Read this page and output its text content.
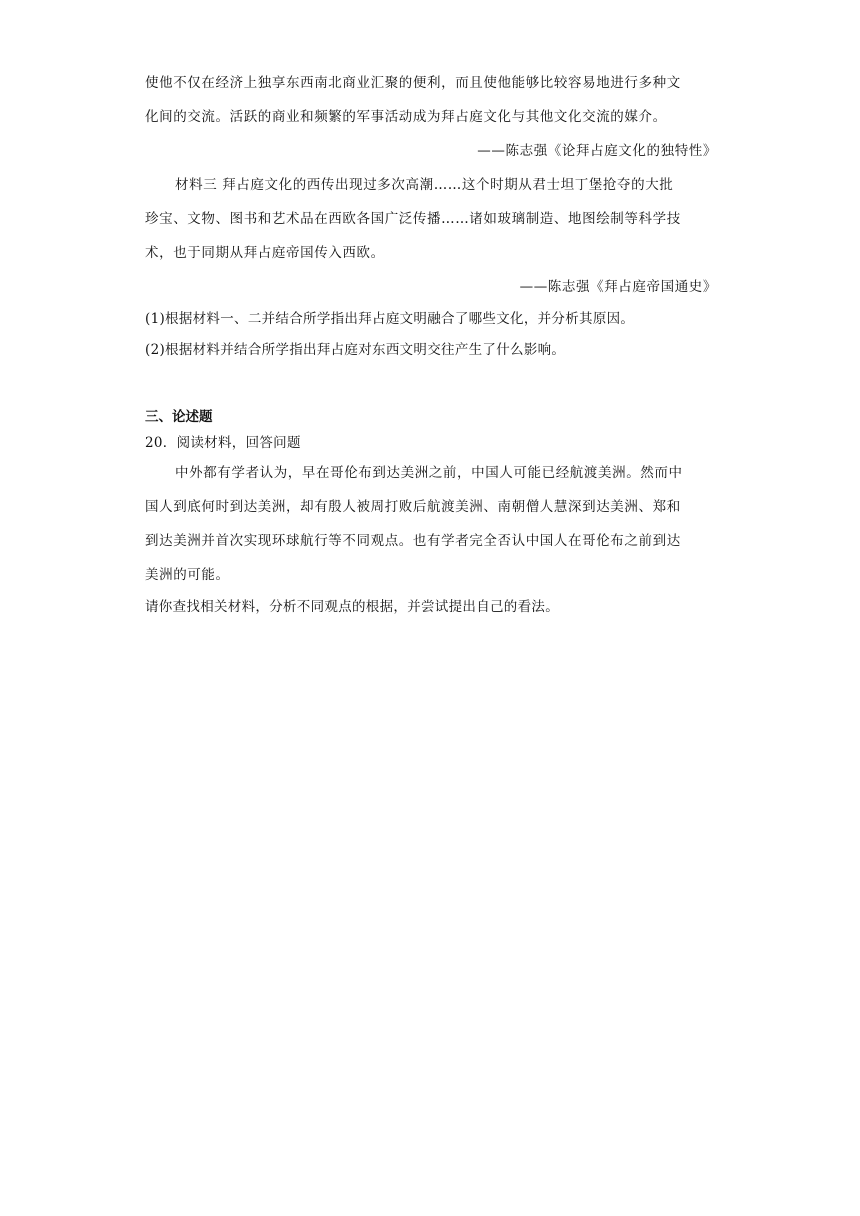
使他不仅在经济上独享东西南北商业汇聚的便利，而且使他能够比较容易地进行多种文
化间的交流。活跃的商业和频繁的军事活动成为拜占庭文化与其他文化交流的媒介。
——陈志强《论拜占庭文化的独特性》
材料三 拜占庭文化的西传出现过多次高潮……这个时期从君士坦丁堡抢夺的大批
珍宝、文物、图书和艺术品在西欧各国广泛传播……诸如玻璃制造、地图绘制等科学技
术，也于同期从拜占庭帝国传入西欧。
——陈志强《拜占庭帝国通史》
(1)根据材料一、二并结合所学指出拜占庭文明融合了哪些文化，并分析其原因。
(2)根据材料并结合所学指出拜占庭对东西文明交往产生了什么影响。
三、论述题
20．阅读材料，回答问题
中外都有学者认为，早在哥伦布到达美洲之前，中国人可能已经航渡美洲。然而中
国人到底何时到达美洲，却有殷人被周打败后航渡美洲、南朝僧人慧深到达美洲、郑和
到达美洲并首次实现环球航行等不同观点。也有学者完全否认中国人在哥伦布之前到达
美洲的可能。
请你查找相关材料，分析不同观点的根据，并尝试提出自己的看法。
